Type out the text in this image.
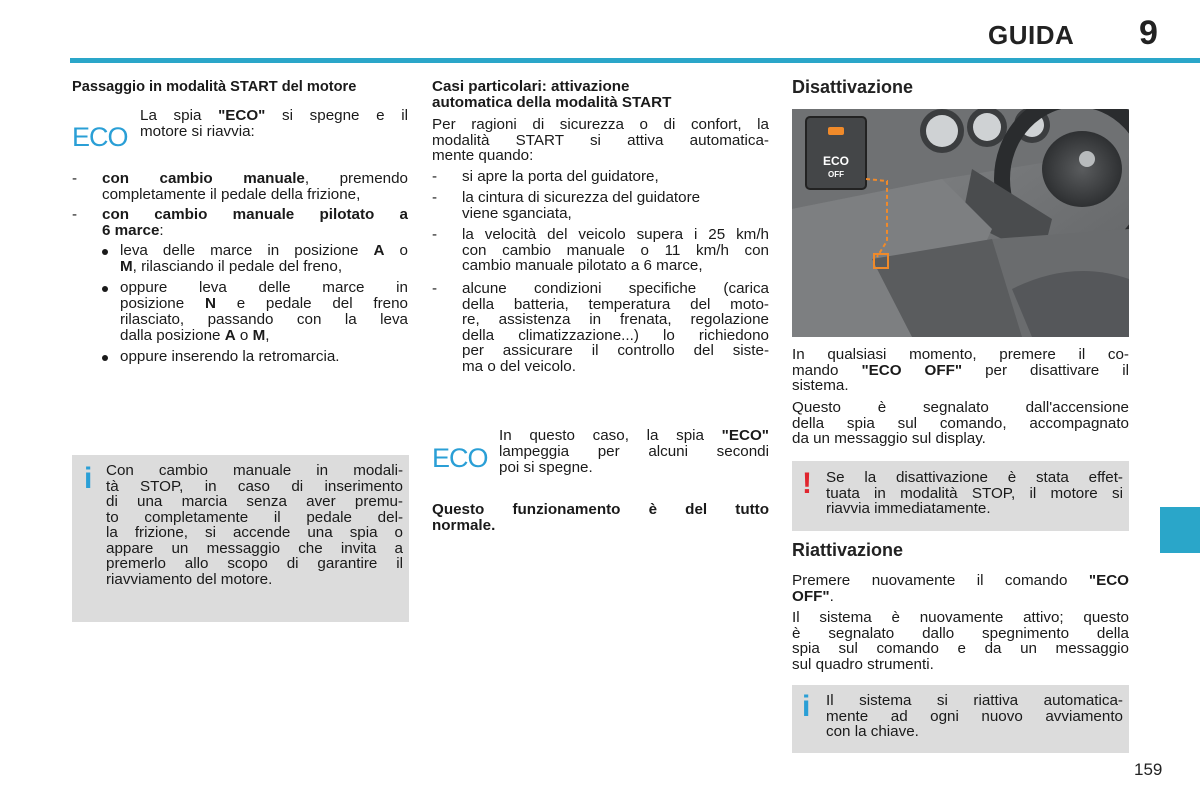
GUIDA 9
159
Passaggio in modalità START del motore
ECO
La spia "ECO" si spegne e il
motore si riavvia:
- con cambio manuale, premendo
completamente il pedale della frizione,
- con cambio manuale pilotato a
6 marce:
leva delle marce in posizione A o
M, rilasciando il pedale del freno,
oppure leva delle marce in
posizione N e pedale del freno
rilasciato, passando con la leva
dalla posizione A o M,
oppure inserendo la retromarcia.
i Con cambio manuale in modali-
tà STOP, in caso di inserimento
di una marcia senza aver premu-
to completamente il pedale del-
la frizione, si accende una spia o
appare un messaggio che invita a
premerlo allo scopo di garantire il
riavviamento del motore.
Casi particolari: attivazione
automatica della modalità START
Per ragioni di sicurezza o di confort, la
modalità START si attiva automatica-
mente quando:
- si apre la porta del guidatore,
- la cintura di sicurezza del guidatore
viene sganciata,
- la velocità del veicolo supera i 25 km/h
con cambio manuale o 11 km/h con
cambio manuale pilotato a 6 marce,
- alcune condizioni specifiche (carica
della batteria, temperatura del moto-
re, assistenza in frenata, regolazione
della climatizzazione...) lo richiedono
per assicurare il controllo del siste-
ma o del veicolo.
ECO
In questo caso, la spia "ECO"
lampeggia per alcuni secondi
poi si spegne.
Questo funzionamento è del tutto
normale.
Disattivazione
ECO
OFF
In qualsiasi momento, premere il co-
mando "ECO OFF" per disattivare il
sistema.
Questo è segnalato dall'accensione
della spia sul comando, accompagnato
da un messaggio sul display.
! Se la disattivazione è stata effet-
tuata in modalità STOP, il motore si
riavvia immediatamente.
Riattivazione
Premere nuovamente il comando "ECO
OFF".
Il sistema è nuovamente attivo; questo
è segnalato dallo spegnimento della
spia sul comando e da un messaggio
sul quadro strumenti.
i Il sistema si riattiva automatica-
mente ad ogni nuovo avviamento
con la chiave.
